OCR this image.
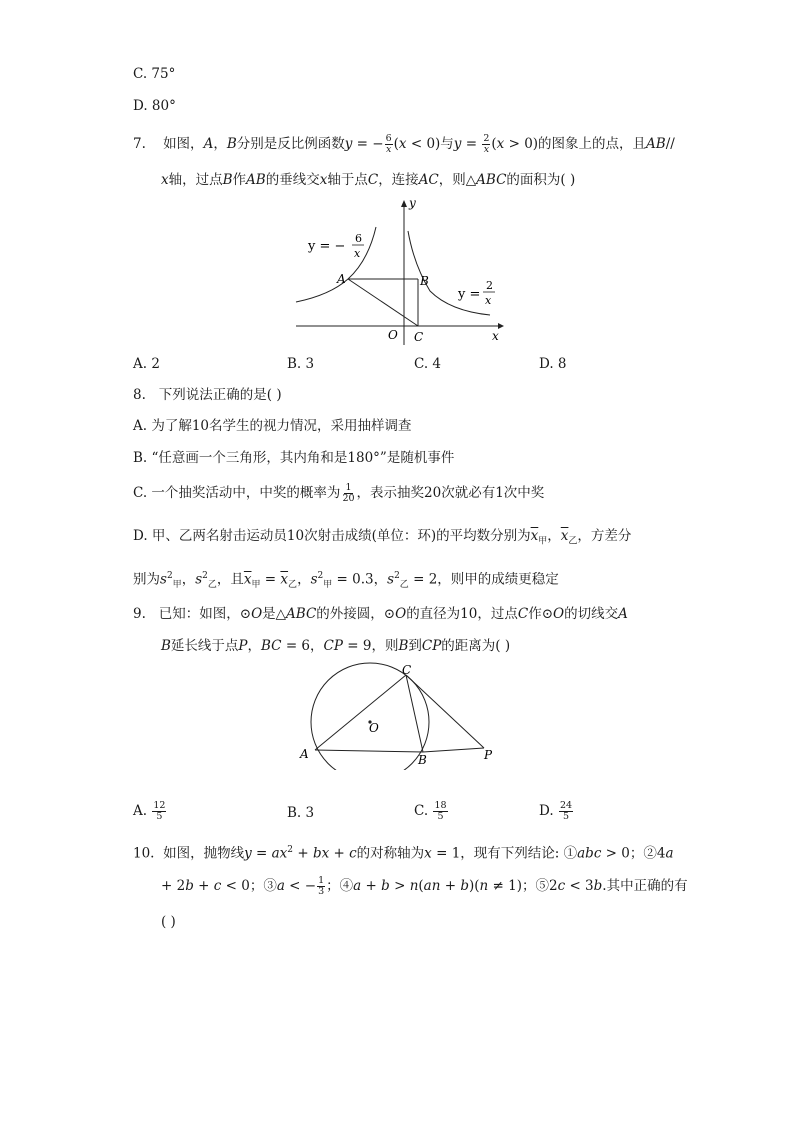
C. 75°
D. 80°
7. 如图，A，B分别是反比例函数y = − $\frac{6}{x} (x < 0)$与$y = \frac{2}{x} (x > 0)$的图象上的点，且AB//
x轴，过点B作AB的垂线交x轴于点C，连接AC，则△ABC的面积为( )
y = −
6
x
y =
2
x
A	B
C
O	x
y
A. 2	B. 3	C. 4	D. 8
8. 下列说法正确的是( )
A. 为了解10名学生的视力情况，采用抽样调查
B. “任意画一个三角形，其内角和是180°”是随机事件
C. 一个抽奖活动中，中奖的概率为 $\frac{1}{20}$ ，表示抽奖20次就必有1次中奖
D. 甲、乙两名射击运动员10次射击成绩(单位：环)的平均数分别为$\overline{x}_甲$，$\overline{x}_乙$，方差分
别为$s^2_甲$，$s^2_乙$，且$\overline{x}_甲 = \overline{x}_乙$，$s^2_甲 = 0.3$，$s^2_乙 = 2$，则甲的成绩更稳定
9. 已知：如图，⊙O是△ABC的外接圆，⊙O的直径为10，过点C作⊙O的切线交A
B延长线于点P，BC = 6，CP = 9，则B到CP的距离为( )
A	B
C
O
P
A. $\frac{12}{5}$	B. 3	C. $\frac{18}{5}$	D. $\frac{24}{5}$
10. 如图，抛物线$y = ax^2$ + bx + c的对称轴为x = 1，现有下列结论: ①abc > 0；②4a
+ 2b + c < 0；③a < − $\frac{1}{3}$ ；④a + b > n(an + b)(n ≠ 1)；⑤2c < 3b.其中正确的有
( )
